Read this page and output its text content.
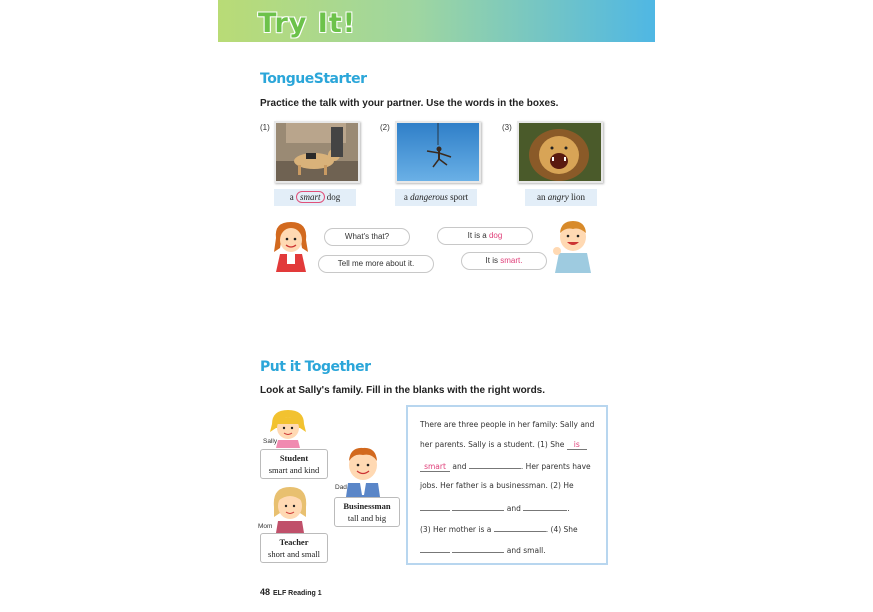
Try It!
TongueStarter
Practice the talk with your partner. Use the words in the boxes.
(1)
a smart dog
(2)
a dangerous sport
(3)
an angry lion
What's that?
Tell me more about it.
It is a dog
It is smart.
Put it Together
Look at Sally's family. Fill in the blanks with the right words.
Sally
Student
smart and kind
Dad
Businessman
tall and big
Mom
Teacher
short and small
There are three people in her family: Sally and
her parents. Sally is a student. (1) She is
smart and	. Her parents have
jobs. Her father is a businessman. (2) He
and	.
(3) Her mother is a	. (4) She
and small.
48 ELF Reading 1
